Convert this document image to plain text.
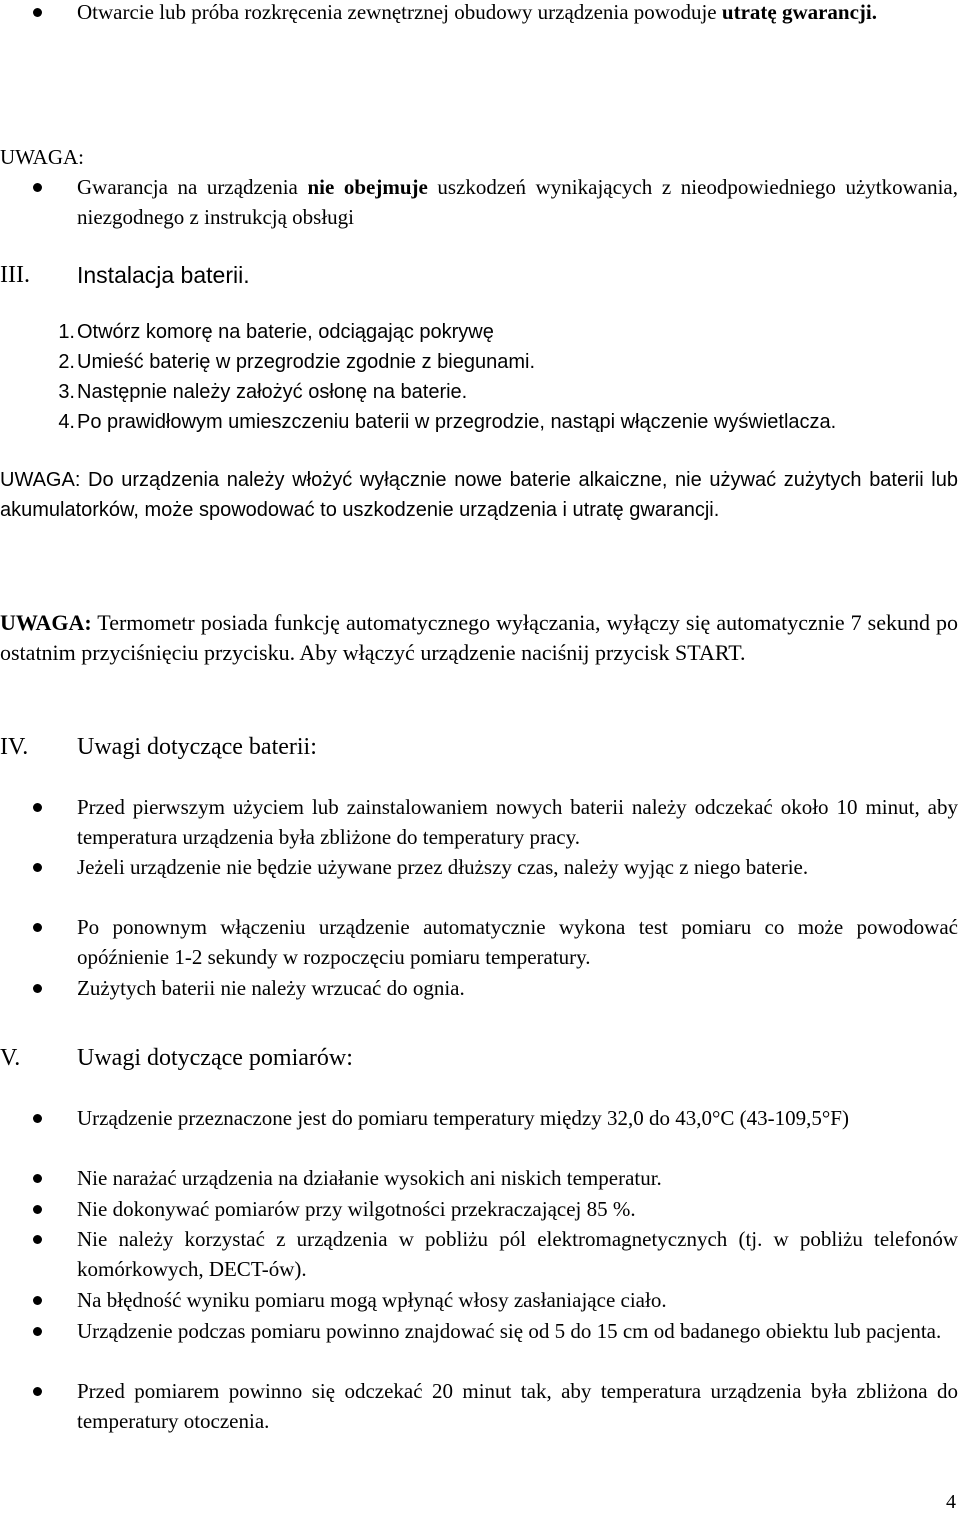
Otwarcie lub próba rozkręcenia zewnętrznej obudowy urządzenia powoduje utratę gwarancji.
UWAGA:
Gwarancja na urządzenia nie obejmuje uszkodzeń wynikających z nieodpowiedniego użytkowania, niezgodnego z instrukcją obsługi
III. Instalacja baterii.
1. Otwórz komorę na baterie, odciągając pokrywę
2. Umieść baterię w przegrodzie zgodnie z biegunami.
3. Następnie należy założyć osłonę na baterie.
4. Po prawidłowym umieszczeniu baterii w przegrodzie, nastąpi włączenie wyświetlacza.
UWAGA: Do urządzenia należy włożyć wyłącznie nowe baterie alkaiczne, nie używać zużytych baterii lub akumulatorków, może spowodować to uszkodzenie urządzenia i utratę gwarancji.
UWAGA: Termometr posiada funkcję automatycznego wyłączania, wyłączy się automatycznie 7 sekund po ostatnim przyciśnięciu przycisku. Aby włączyć urządzenie naciśnij przycisk START.
IV. Uwagi dotyczące baterii:
Przed pierwszym użyciem lub zainstalowaniem nowych baterii należy odczekać około 10 minut, aby temperatura urządzenia była zbliżone do temperatury pracy.
Jeżeli urządzenie nie będzie używane przez dłuższy czas, należy wyjąc z niego baterie.
Po ponownym włączeniu urządzenie automatycznie wykona test pomiaru co może powodować opóźnienie 1-2 sekundy w rozpoczęciu pomiaru temperatury.
Zużytych baterii nie należy wrzucać do ognia.
V. Uwagi dotyczące pomiarów:
Urządzenie przeznaczone jest do pomiaru temperatury między 32,0 do 43,0°C (43-109,5°F)
Nie narażać urządzenia na działanie wysokich ani niskich temperatur.
Nie dokonywać pomiarów przy wilgotności przekraczającej 85 %.
Nie należy korzystać z urządzenia w pobliżu pól elektromagnetycznych (tj. w pobliżu telefonów komórkowych, DECT-ów).
Na błędność wyniku pomiaru mogą wpłynąć włosy zasłaniające ciało.
Urządzenie podczas pomiaru powinno znajdować się od 5 do 15 cm od badanego obiektu lub pacjenta.
Przed pomiarem powinno się odczekać 20 minut tak, aby temperatura urządzenia była zbliżona do temperatury otoczenia.
4
